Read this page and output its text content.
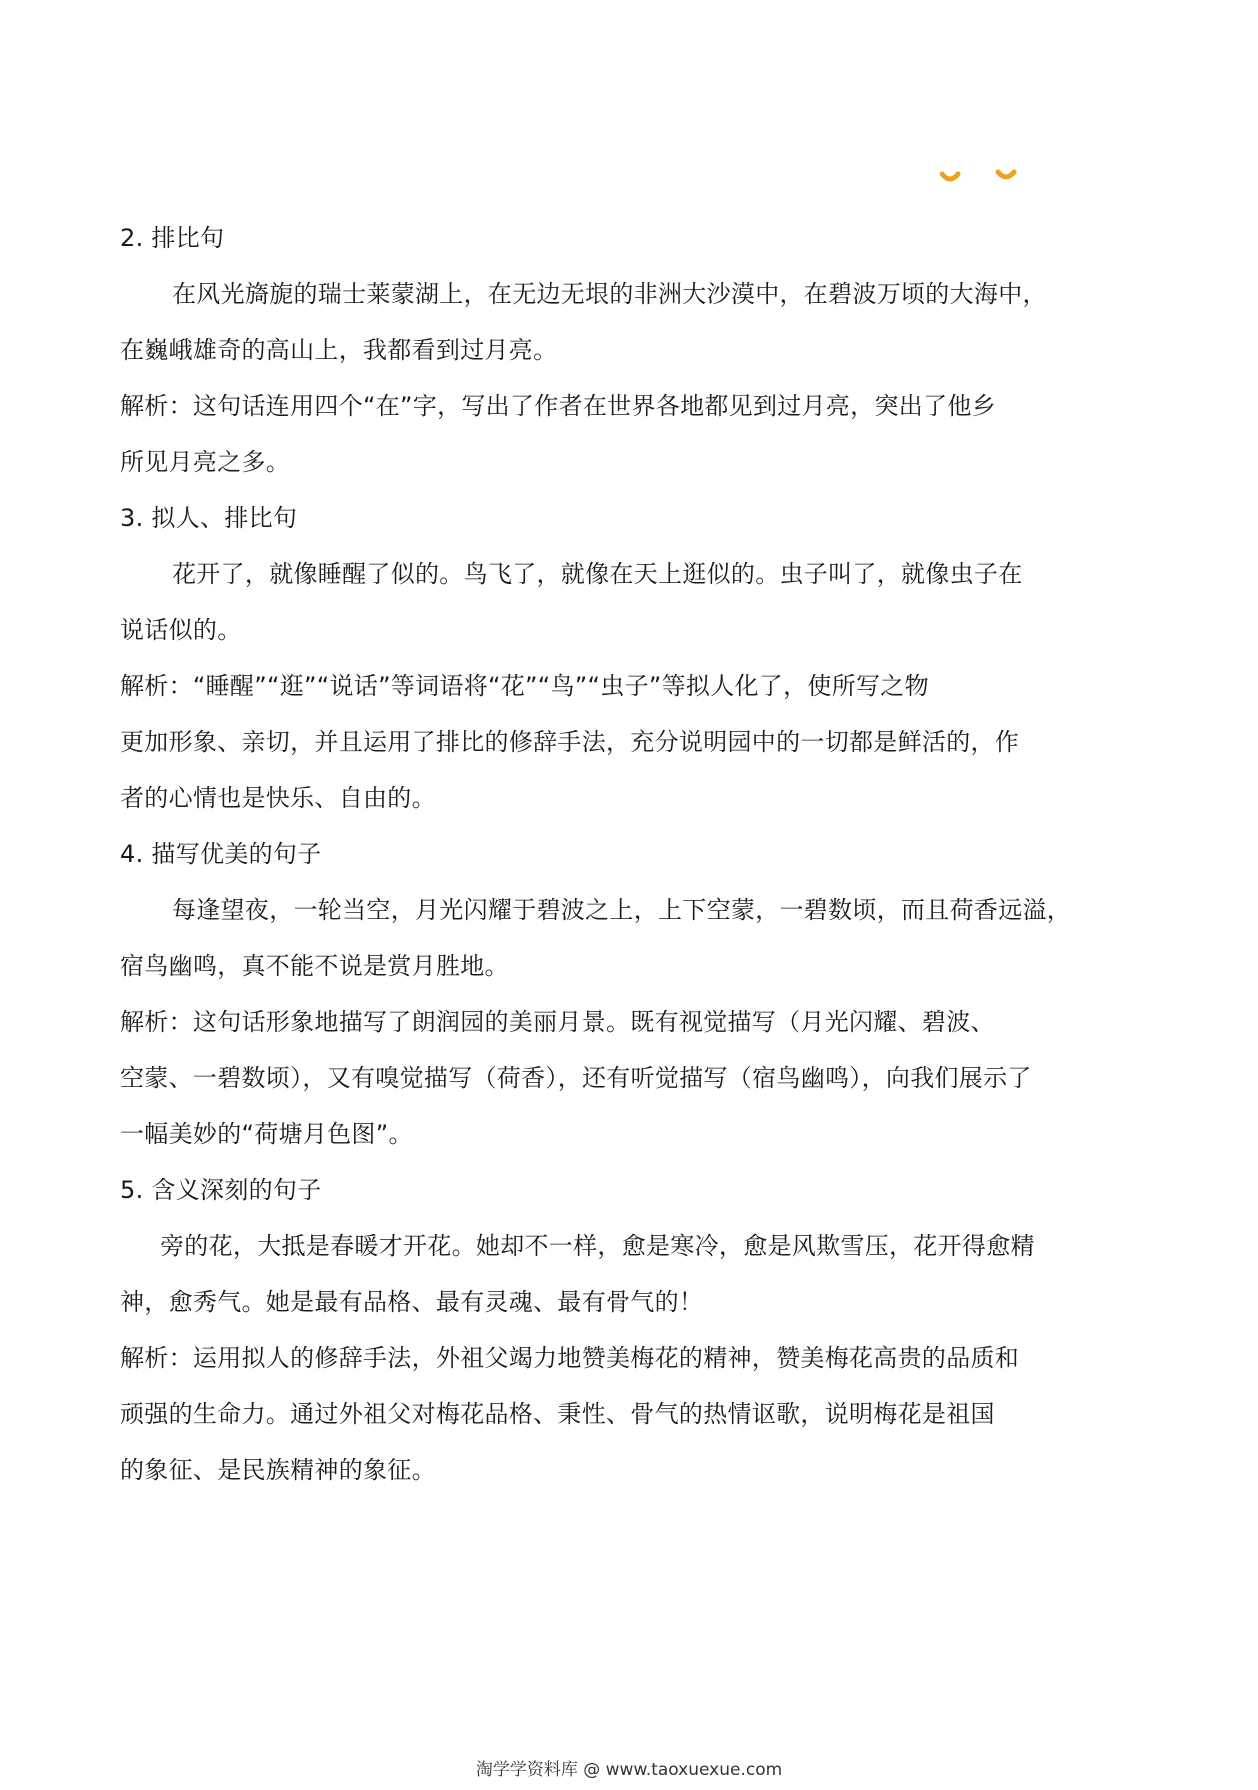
2. 排比句
在风光旖旎的瑞士莱蒙湖上，在无边无垠的非洲大沙漠中，在碧波万顷的大海中，
在巍峨雄奇的高山上，我都看到过月亮。
解析：这句话连用四个“在”字，写出了作者在世界各地都见到过月亮，突出了他乡
所见月亮之多。
3. 拟人、排比句
花开了，就像睡醒了似的。鸟飞了，就像在天上逛似的。虫子叫了，就像虫子在
说话似的。
解析：“睡醒”“逛”“说话”等词语将“花”“鸟”“虫子”等拟人化了，使所写之物
更加形象、亲切，并且运用了排比的修辞手法，充分说明园中的一切都是鲜活的，作
者的心情也是快乐、自由的。
4. 描写优美的句子
每逢望夜，一轮当空，月光闪耀于碧波之上，上下空蒙，一碧数顷，而且荷香远溢，
宿鸟幽鸣，真不能不说是赏月胜地。
解析：这句话形象地描写了朗润园的美丽月景。既有视觉描写（月光闪耀、碧波、
空蒙、一碧数顷），又有嗅觉描写（荷香），还有听觉描写（宿鸟幽鸣），向我们展示了
一幅美妙的“荷塘月色图”。
5. 含义深刻的句子
旁的花，大抵是春暖才开花。她却不一样，愈是寒冷，愈是风欺雪压，花开得愈精
神，愈秀气。她是最有品格、最有灵魂、最有骨气的！
解析：运用拟人的修辞手法，外祖父竭力地赞美梅花的精神，赞美梅花高贵的品质和
顽强的生命力。通过外祖父对梅花品格、秉性、骨气的热情讴歌，说明梅花是祖国
的象征、是民族精神的象征。
淘学学资料库 @ www.taoxuexue.com
